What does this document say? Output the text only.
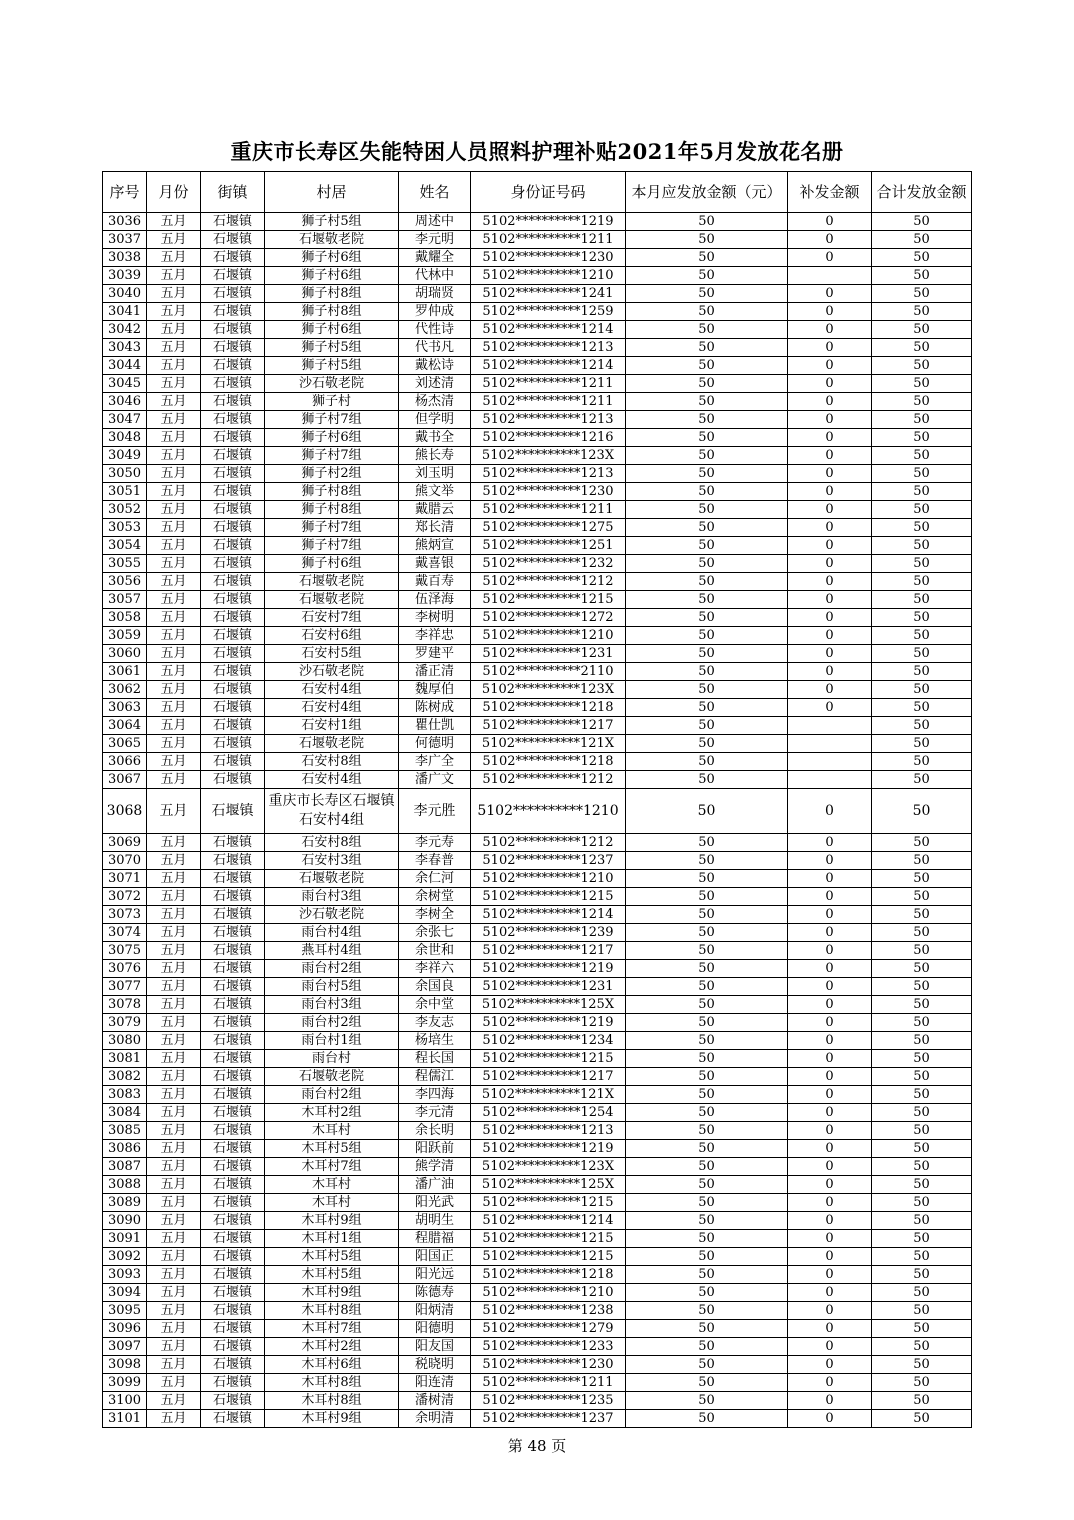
重庆市长寿区失能特困人员照料护理补贴2021年5月发放花名册
序号	月份	街镇	村居	姓名	身份证号码	本月应发放金额（元）	补发金额	合计发放金额
3036	五月	石堰镇	狮子村5组	周述中	5102**********1219	50	0	50
3037	五月	石堰镇	石堰敬老院	李元明	5102**********1211	50	0	50
3038	五月	石堰镇	狮子村6组	戴耀全	5102**********1230	50	0	50
3039	五月	石堰镇	狮子村6组	代林中	5102**********1210	50		50
3040	五月	石堰镇	狮子村8组	胡瑞贤	5102**********1241	50	0	50
3041	五月	石堰镇	狮子村8组	罗仲成	5102**********1259	50	0	50
3042	五月	石堰镇	狮子村6组	代性诗	5102**********1214	50	0	50
3043	五月	石堰镇	狮子村5组	代书凡	5102**********1213	50	0	50
3044	五月	石堰镇	狮子村5组	戴松诗	5102**********1214	50	0	50
3045	五月	石堰镇	沙石敬老院	刘述清	5102**********1211	50	0	50
3046	五月	石堰镇	狮子村	杨杰清	5102**********1211	50	0	50
3047	五月	石堰镇	狮子村7组	但学明	5102**********1213	50	0	50
3048	五月	石堰镇	狮子村6组	戴书全	5102**********1216	50	0	50
3049	五月	石堰镇	狮子村7组	熊长寿	5102**********123X	50	0	50
3050	五月	石堰镇	狮子村2组	刘玉明	5102**********1213	50	0	50
3051	五月	石堰镇	狮子村8组	熊文举	5102**********1230	50	0	50
3052	五月	石堰镇	狮子村8组	戴腊云	5102**********1211	50	0	50
3053	五月	石堰镇	狮子村7组	郑长清	5102**********1275	50	0	50
3054	五月	石堰镇	狮子村7组	熊炳宣	5102**********1251	50	0	50
3055	五月	石堰镇	狮子村6组	戴喜银	5102**********1232	50	0	50
3056	五月	石堰镇	石堰敬老院	戴百寿	5102**********1212	50	0	50
3057	五月	石堰镇	石堰敬老院	伍泽海	5102**********1215	50	0	50
3058	五月	石堰镇	石安村7组	李树明	5102**********1272	50	0	50
3059	五月	石堰镇	石安村6组	李祥忠	5102**********1210	50	0	50
3060	五月	石堰镇	石安村5组	罗建平	5102**********1231	50	0	50
3061	五月	石堰镇	沙石敬老院	潘正清	5102**********2110	50	0	50
3062	五月	石堰镇	石安村4组	魏厚伯	5102**********123X	50	0	50
3063	五月	石堰镇	石安村4组	陈树成	5102**********1218	50	0	50
3064	五月	石堰镇	石安村1组	瞿仕凯	5102**********1217	50		50
3065	五月	石堰镇	石堰敬老院	何德明	5102**********121X	50		50
3066	五月	石堰镇	石安村8组	李广全	5102**********1218	50		50
3067	五月	石堰镇	石安村4组	潘广文	5102**********1212	50		50
3068	五月	石堰镇	重庆市长寿区石堰镇石安村4组	李元胜	5102**********1210	50	0	50
3069	五月	石堰镇	石安村8组	李元寿	5102**********1212	50	0	50
3070	五月	石堰镇	石安村3组	李春普	5102**********1237	50	0	50
3071	五月	石堰镇	石堰敬老院	余仁河	5102**********1210	50	0	50
3072	五月	石堰镇	雨台村3组	余树堂	5102**********1215	50	0	50
3073	五月	石堰镇	沙石敬老院	李树全	5102**********1214	50	0	50
3074	五月	石堰镇	雨台村4组	余张七	5102**********1239	50	0	50
3075	五月	石堰镇	燕耳村4组	余世和	5102**********1217	50	0	50
3076	五月	石堰镇	雨台村2组	李祥六	5102**********1219	50	0	50
3077	五月	石堰镇	雨台村5组	余国良	5102**********1231	50	0	50
3078	五月	石堰镇	雨台村3组	余中堂	5102**********125X	50	0	50
3079	五月	石堰镇	雨台村2组	李友志	5102**********1219	50	0	50
3080	五月	石堰镇	雨台村1组	杨培生	5102**********1234	50	0	50
3081	五月	石堰镇	雨台村	程长国	5102**********1215	50	0	50
3082	五月	石堰镇	石堰敬老院	程儒江	5102**********1217	50	0	50
3083	五月	石堰镇	雨台村2组	李四海	5102**********121X	50	0	50
3084	五月	石堰镇	木耳村2组	李元清	5102**********1254	50	0	50
3085	五月	石堰镇	木耳村	余长明	5102**********1213	50	0	50
3086	五月	石堰镇	木耳村5组	阳跃前	5102**********1219	50	0	50
3087	五月	石堰镇	木耳村7组	熊学清	5102**********123X	50	0	50
3088	五月	石堰镇	木耳村	潘广油	5102**********125X	50	0	50
3089	五月	石堰镇	木耳村	阳光武	5102**********1215	50	0	50
3090	五月	石堰镇	木耳村9组	胡明生	5102**********1214	50	0	50
3091	五月	石堰镇	木耳村1组	程腊福	5102**********1215	50	0	50
3092	五月	石堰镇	木耳村5组	阳国正	5102**********1215	50	0	50
3093	五月	石堰镇	木耳村5组	阳光远	5102**********1218	50	0	50
3094	五月	石堰镇	木耳村9组	陈德寿	5102**********1210	50	0	50
3095	五月	石堰镇	木耳村8组	阳炳清	5102**********1238	50	0	50
3096	五月	石堰镇	木耳村7组	阳德明	5102**********1279	50	0	50
3097	五月	石堰镇	木耳村2组	阳友国	5102**********1233	50	0	50
3098	五月	石堰镇	木耳村6组	税晓明	5102**********1230	50	0	50
3099	五月	石堰镇	木耳村8组	阳连清	5102**********1211	50	0	50
3100	五月	石堰镇	木耳村8组	潘树清	5102**********1235	50	0	50
3101	五月	石堰镇	木耳村9组	余明清	5102**********1237	50	0	50
第 48 页
